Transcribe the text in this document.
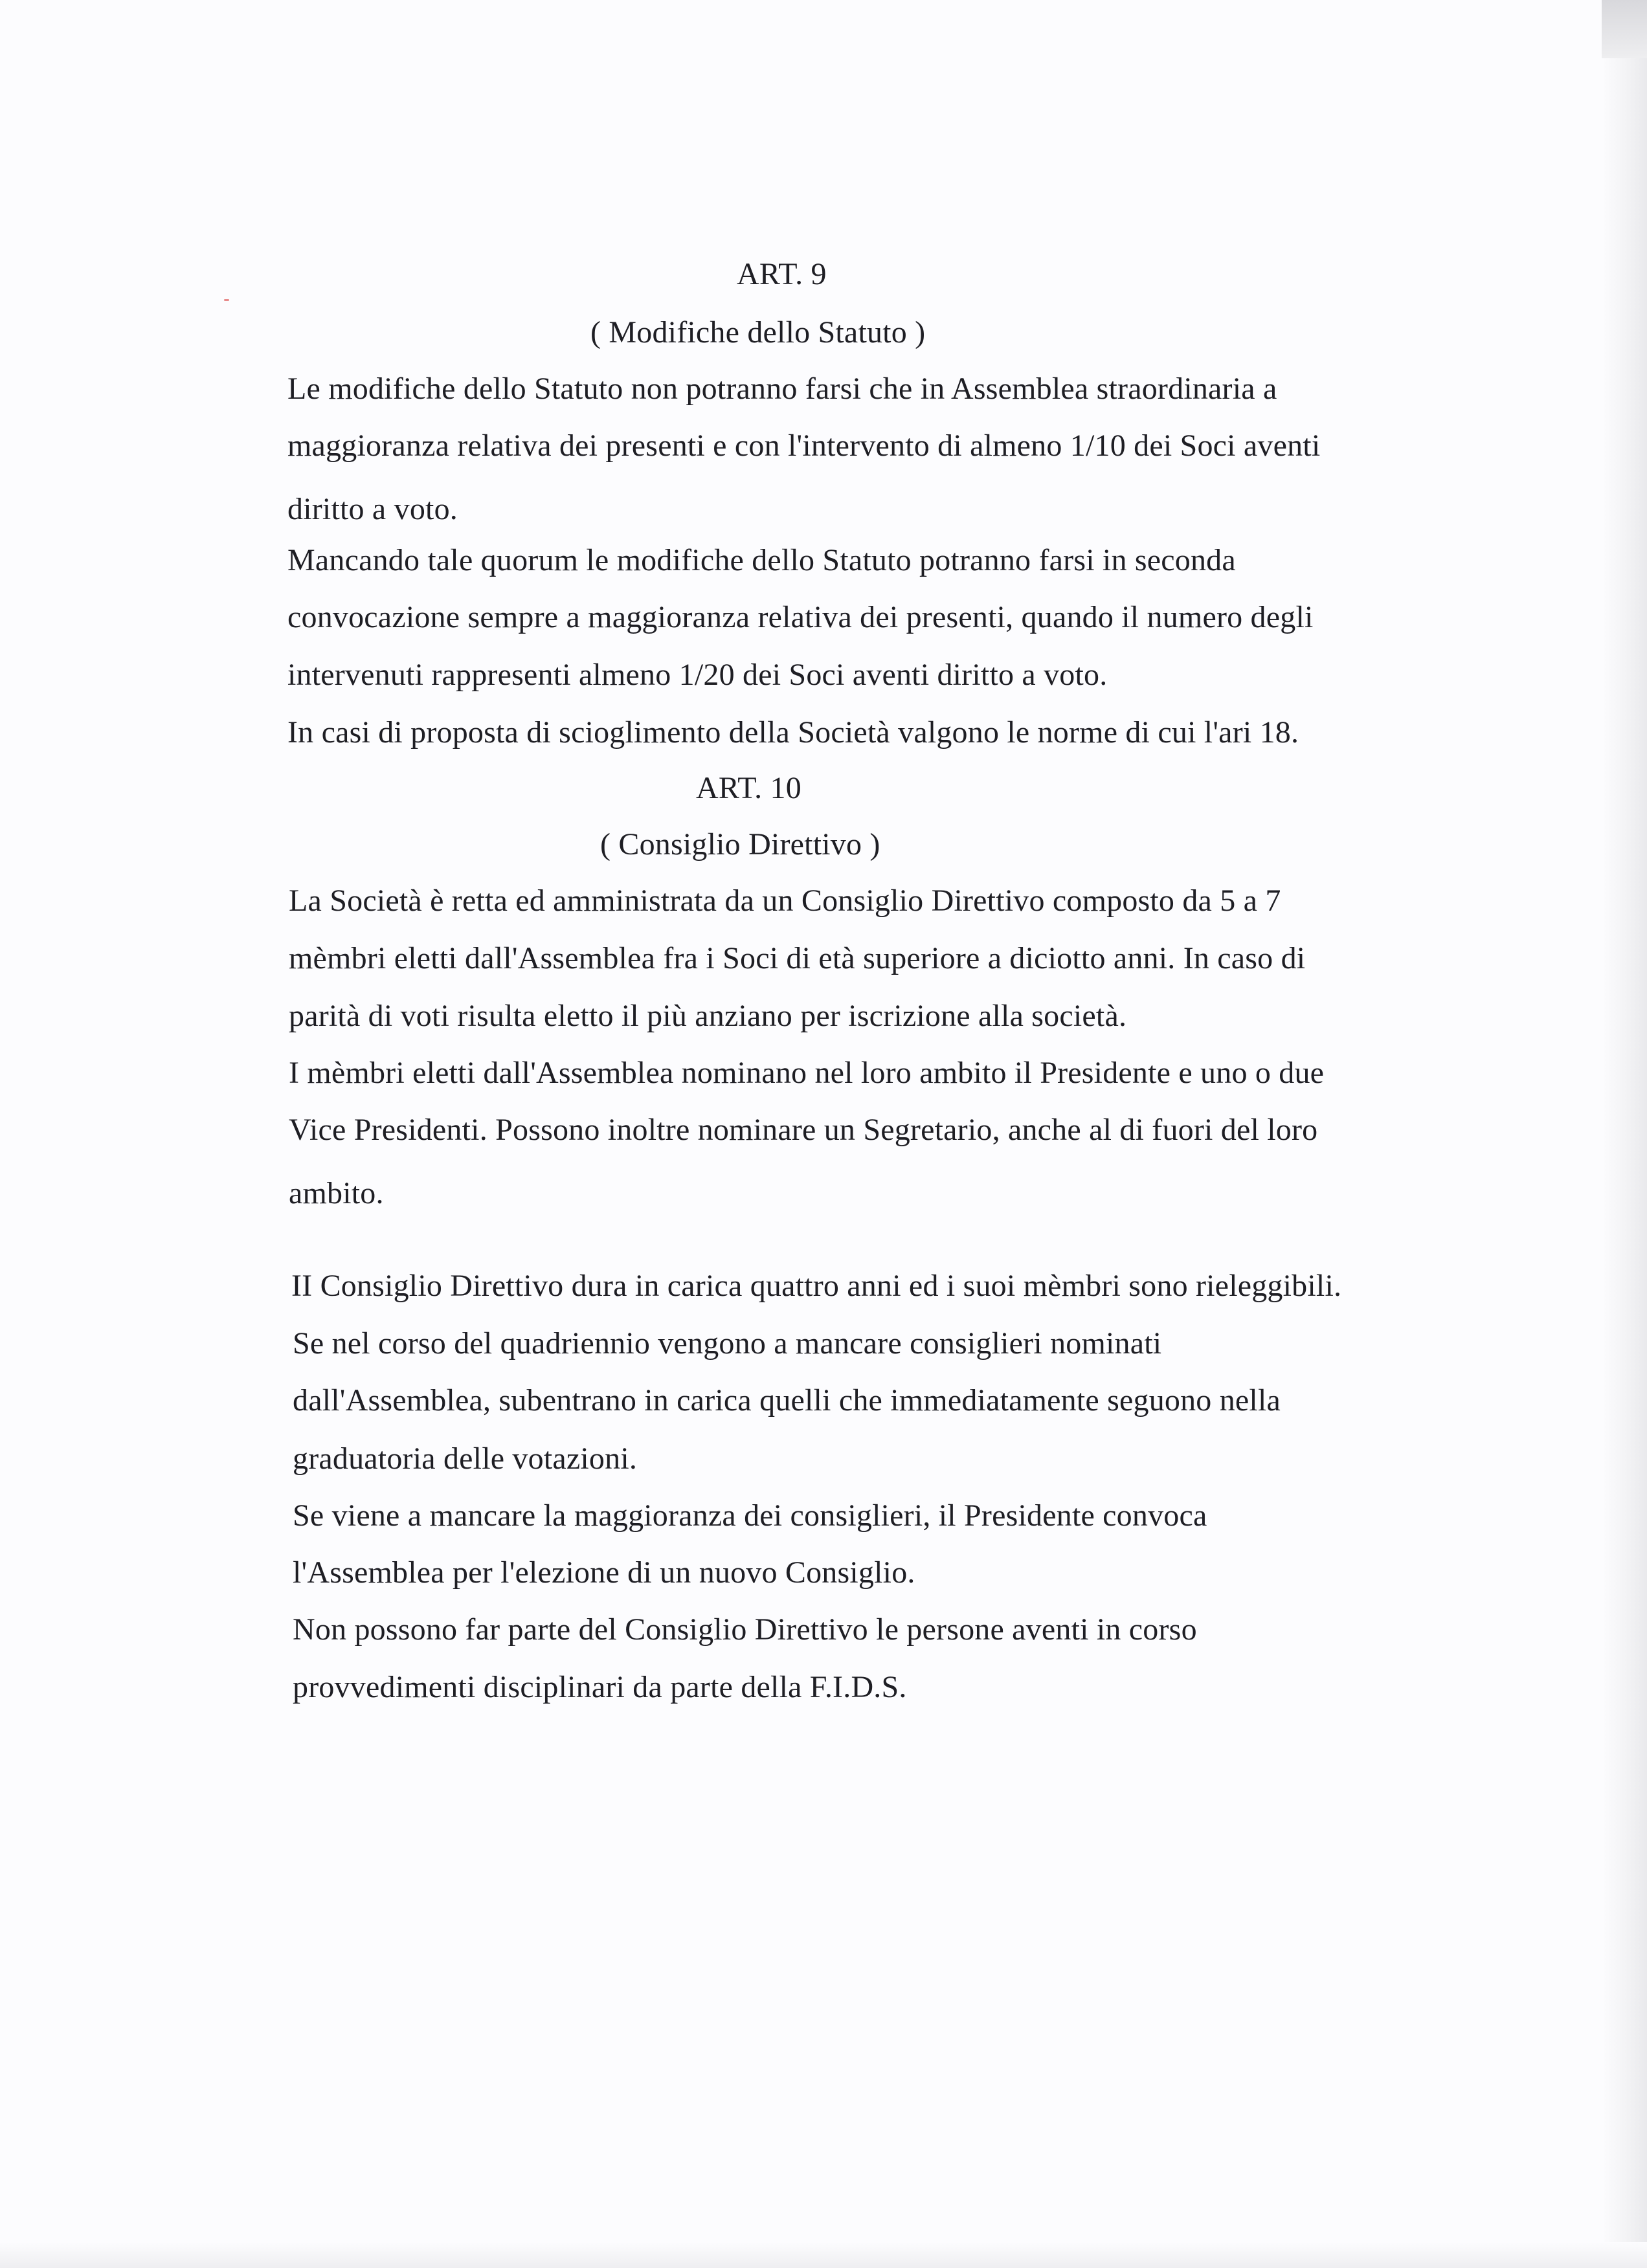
ART. 9
( Modifiche dello Statuto )
Le modifiche dello Statuto non potranno farsi che in Assemblea straordinaria a
maggioranza relativa dei presenti e con l'intervento di almeno 1/10 dei Soci aventi
diritto a voto.
Mancando tale quorum le modifiche dello Statuto potranno farsi in seconda
convocazione sempre a maggioranza relativa dei presenti, quando il numero degli
intervenuti rappresenti almeno 1/20 dei Soci aventi diritto a voto.
In casi di proposta di scioglimento della Società valgono le norme di cui l'ari 18.
ART. 10
( Consiglio Direttivo )
La Società è retta ed amministrata da un Consiglio Direttivo composto da 5 a 7
mèmbri eletti dall'Assemblea fra i Soci di età superiore a diciotto anni. In caso di
parità di voti risulta eletto il più anziano per iscrizione alla società.
I mèmbri eletti dall'Assemblea nominano nel loro ambito il Presidente e uno o due
Vice Presidenti. Possono inoltre nominare un Segretario, anche al di fuori del loro
ambito.
II Consiglio Direttivo dura in carica quattro anni ed i suoi mèmbri sono rieleggibili.
Se nel corso del quadriennio vengono a mancare consiglieri nominati
dall'Assemblea, subentrano in carica quelli che immediatamente seguono nella
graduatoria delle votazioni.
Se viene a mancare la maggioranza dei consiglieri, il Presidente convoca
l'Assemblea per l'elezione di un nuovo Consiglio.
Non possono far parte del Consiglio Direttivo le persone aventi in corso
provvedimenti disciplinari da parte della F.I.D.S.
